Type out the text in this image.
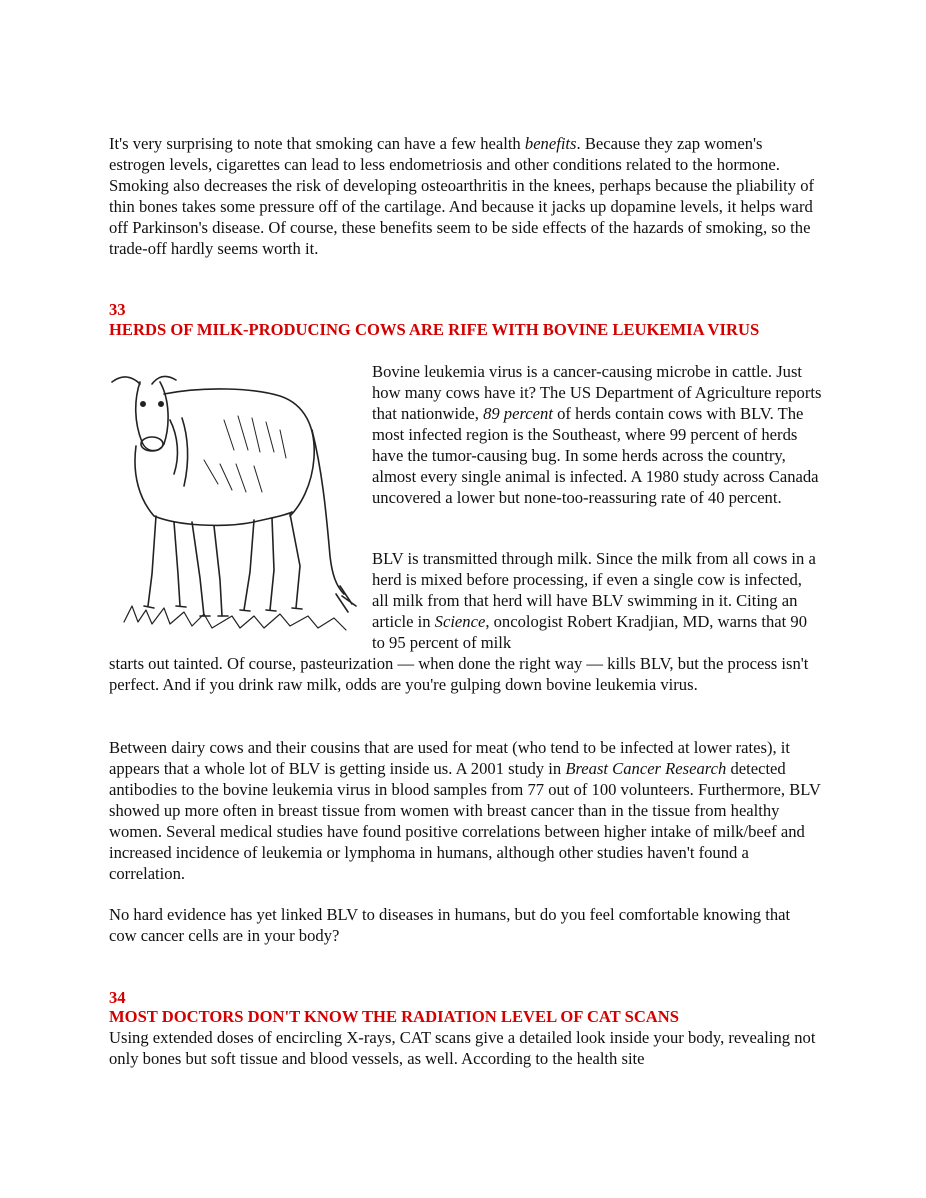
It's very surprising to note that smoking can have a few health benefits. Because they zap women's estrogen levels, cigarettes can lead to less endometriosis and other conditions related to the hormone. Smoking also decreases the risk of developing osteoarthritis in the knees, perhaps because the pliability of thin bones takes some pressure off of the cartilage. And because it jacks up dopamine levels, it helps ward off Parkinson's disease. Of course, these benefits seem to be side effects of the hazards of smoking, so the trade-off hardly seems worth it.

33
HERDS OF MILK-PRODUCING COWS ARE RIFE WITH BOVINE LEUKEMIA VIRUS

Bovine leukemia virus is a cancer-causing microbe in cattle. Just how many cows have it? The US Department of Agriculture reports that nationwide, 89 percent of herds contain cows with BLV. The most infected region is the Southeast, where 99 percent of herds have the tumor-causing bug. In some herds across the country, almost every single animal is infected. A 1980 study across Canada uncovered a lower but none-too-reassuring rate of 40 percent.

BLV is transmitted through milk. Since the milk from all cows in a herd is mixed before processing, if even a single cow is infected, all milk from that herd will have BLV swimming in it. Citing an article in Science, oncologist Robert Kradjian, MD, warns that 90 to 95 percent of milk

starts out tainted. Of course, pasteurization — when done the right way — kills BLV, but the process isn't perfect. And if you drink raw milk, odds are you're gulping down bovine leukemia virus.

Between dairy cows and their cousins that are used for meat (who tend to be infected at lower rates), it appears that a whole lot of BLV is getting inside us. A 2001 study in Breast Cancer Research detected antibodies to the bovine leukemia virus in blood samples from 77 out of 100 volunteers. Furthermore, BLV showed up more often in breast tissue from women with breast cancer than in the tissue from healthy women. Several medical studies have found positive correlations between higher intake of milk/beef and increased incidence of leukemia or lymphoma in humans, although other studies haven't found a correlation.

No hard evidence has yet linked BLV to diseases in humans, but do you feel comfortable knowing that cow cancer cells are in your body?

34
MOST DOCTORS DON'T KNOW THE RADIATION LEVEL OF CAT SCANS

Using extended doses of encircling X-rays, CAT scans give a detailed look inside your body, revealing not only bones but soft tissue and blood vessels, as well. According to the health site
